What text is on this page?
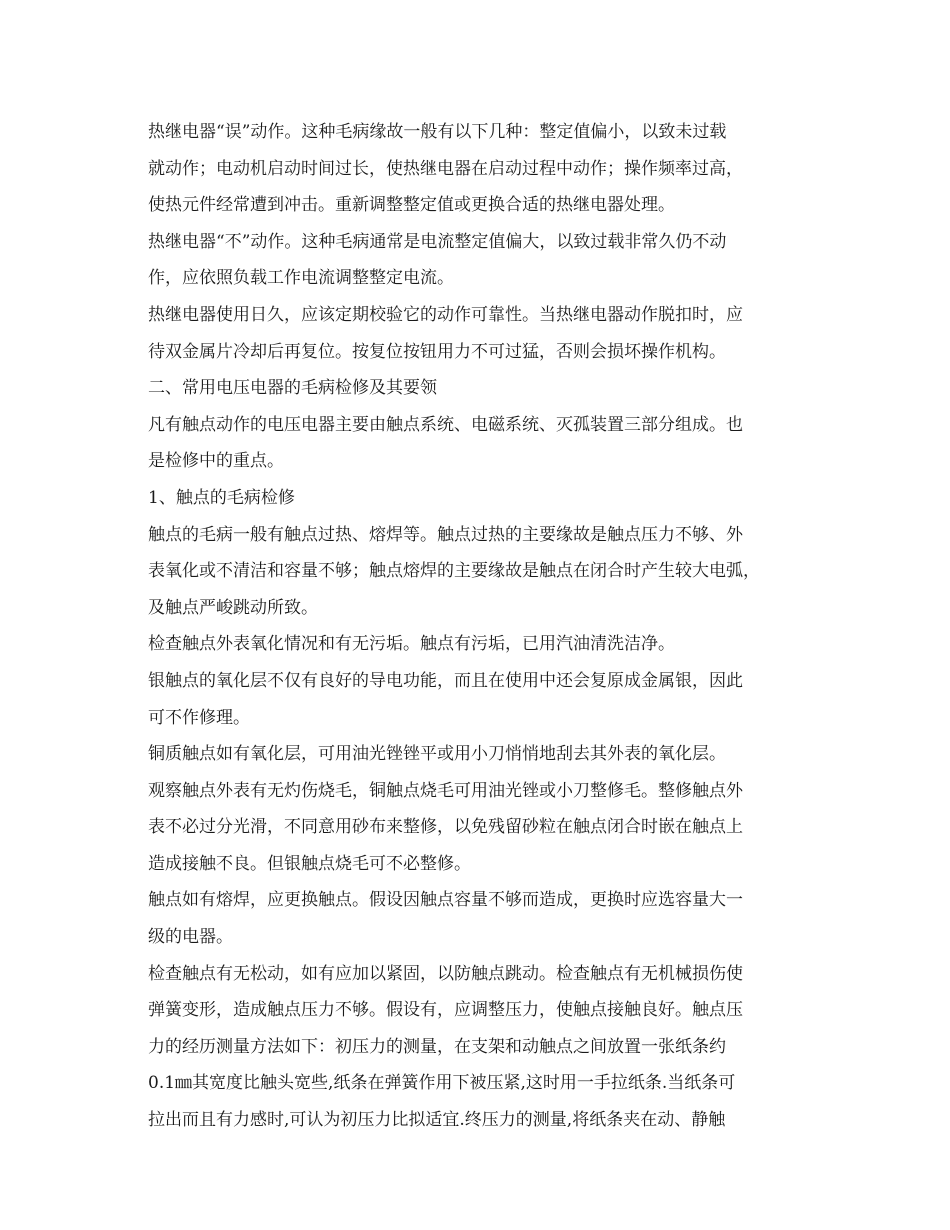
热继电器“误”动作。这种毛病缘故一般有以下几种：整定值偏小，以致未过载
就动作；电动机启动时间过长，使热继电器在启动过程中动作；操作频率过高，
使热元件经常遭到冲击。重新调整整定值或更换合适的热继电器处理。
热继电器“不”动作。这种毛病通常是电流整定值偏大，以致过载非常久仍不动
作，应依照负载工作电流调整整定电流。
热继电器使用日久，应该定期校验它的动作可靠性。当热继电器动作脱扣时，应
待双金属片冷却后再复位。按复位按钮用力不可过猛，否则会损坏操作机构。
二、常用电压电器的毛病检修及其要领
凡有触点动作的电压电器主要由触点系统、电磁系统、灭孤装置三部分组成。也
是检修中的重点。
1、触点的毛病检修
触点的毛病一般有触点过热、熔焊等。触点过热的主要缘故是触点压力不够、外
表氧化或不清洁和容量不够；触点熔焊的主要缘故是触点在闭合时产生较大电弧，
及触点严峻跳动所致。
检查触点外表氧化情况和有无污垢。触点有污垢，已用汽油清洗洁净。
银触点的氧化层不仅有良好的导电功能，而且在使用中还会复原成金属银，因此
可不作修理。
铜质触点如有氧化层，可用油光锉锉平或用小刀悄悄地刮去其外表的氧化层。
观察触点外表有无灼伤烧毛，铜触点烧毛可用油光锉或小刀整修毛。整修触点外
表不必过分光滑，不同意用砂布来整修，以免残留砂粒在触点闭合时嵌在触点上
造成接触不良。但银触点烧毛可不必整修。
触点如有熔焊，应更换触点。假设因触点容量不够而造成，更换时应选容量大一
级的电器。
检查触点有无松动，如有应加以紧固，以防触点跳动。检查触点有无机械损伤使
弹簧变形，造成触点压力不够。假设有，应调整压力，使触点接触良好。触点压
力的经历测量方法如下：初压力的测量，在支架和动触点之间放置一张纸条约
0.1㎜其宽度比触头宽些,纸条在弹簧作用下被压紧,这时用一手拉纸条.当纸条可
拉出而且有力感时,可认为初压力比拟适宜.终压力的测量,将纸条夹在动、静触
